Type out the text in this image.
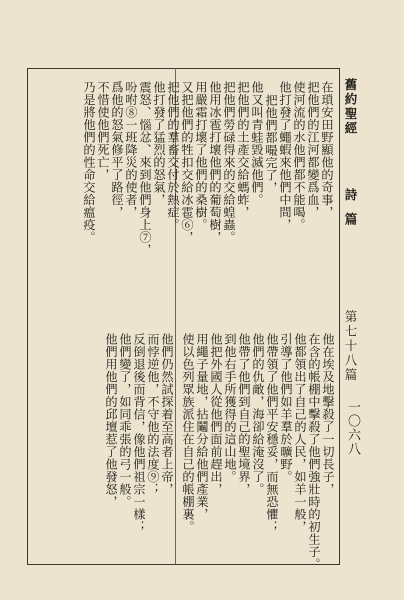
舊約聖經
詩篇
第七十八篇
一〇六八
在瑣安田野顯他的奇事，
把他們的江河都變爲血，
使河流的水他們都不能喝。
他打發了蠅蝦來他們中間，
把他們都嘬完了，
他又叫青蛙毀滅他們。
把他們的土產交給螞蚱，
把他們勞碌得來的交給蝗蟲。
他用冰雹打壞他們的葡萄樹，
用嚴霜打壞了他們的桑樹。
又把他們的牲扣交給冰雹⑥，
把他們的羣畜交付於熱症。
他打發了猛烈的怒氣，
震怒、惱忿、來到他們身上⑦，
吩咐⑧一班降災的使者，
爲他的怒氣修平了路徑，
不惜使他們死亡，
乃是將他們的性命交給瘟疫。
他在埃及地擊殺了一切長子，
在含的帳棚中擊殺了他們強壯時的初生子。
他都領出了自己的人民，如羊一般，
引導了他們如羊羣於曠野。
他帶領了他們平安穩妥，而無恐懼；
他們的仇敵，海卻給淹沒了。
他帶了他們到自己的聖境界，
到他右手所獲得的這山地。
他把外國人從他們面前趕出，
用繩子量地，拈鬮分給他們產業，
使以色列眾族派住在自己的帳棚裏。
他們仍然試探着至高者上帝，
而悖逆他，不守他的法度⑨；
反倒退後而背信，像他們祖宗一樣；
他們變了，如同乖張的弓一般。
他們用他們的邱壇惹了他發怒，
